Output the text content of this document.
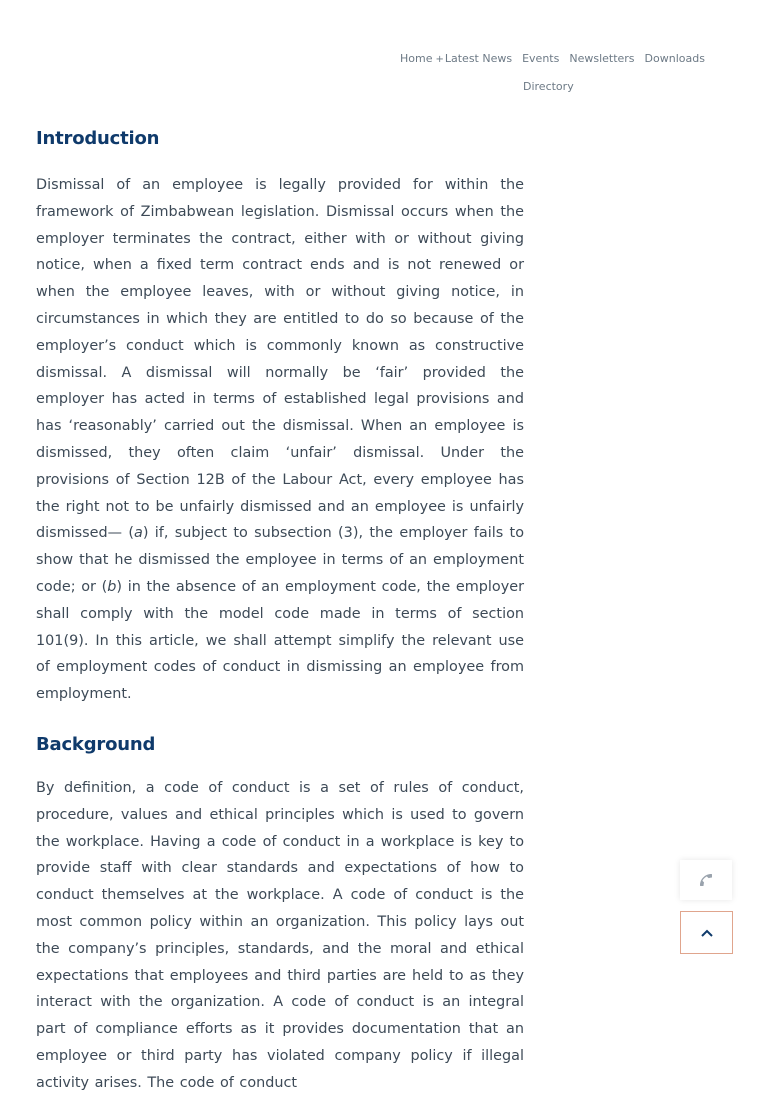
Home + Latest News Events Newsletters Downloads
Directory
Introduction

Dismissal of an employee is legally provided for within the framework of Zimbabwean legislation. Dismissal occurs when the employer terminates the contract, either with or without giving notice, when a fixed term contract ends and is not renewed or when the employee leaves, with or without giving notice, in circumstances in which they are entitled to do so because of the employer’s conduct which is commonly known as constructive dismissal. A dismissal will normally be ‘fair’ provided the employer has acted in terms of established legal provisions and has ‘reasonably’ carried out the dismissal. When an employee is dismissed, they often claim ‘unfair’ dismissal. Under the provisions of Section 12B of the Labour Act, every employee has the right not to be unfairly dismissed and an employee is unfairly dismissed— (a) if, subject to subsection (3), the employer fails to show that he dismissed the employee in terms of an employment code; or (b) in the absence of an employment code, the employer shall comply with the model code made in terms of section 101(9). In this article, we shall attempt simplify the relevant use of employment codes of conduct in dismissing an employee from employment.

Background

By definition, a code of conduct is a set of rules of conduct, procedure, values and ethical principles which is used to govern the workplace. Having a code of conduct in a workplace is key to provide staff with clear standards and expectations of how to conduct themselves at the workplace. A code of conduct is the most common policy within an organization. This policy lays out the company’s principles, standards, and the moral and ethical expectations that employees and third parties are held to as they interact with the organization. A code of conduct is an integral part of compliance efforts as it provides documentation that an employee or third party has violated company policy if illegal activity arises. The code of conduct
